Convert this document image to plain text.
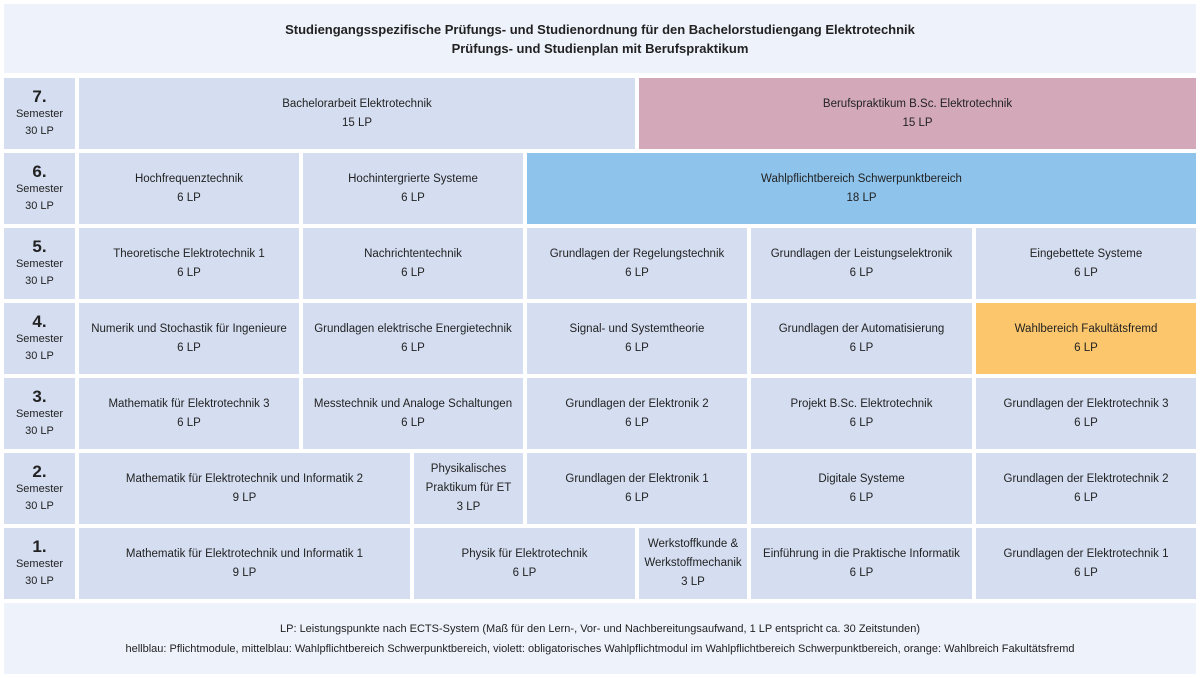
Studiengangsspezifische Prüfungs- und Studienordnung für den Bachelorstudiengang Elektrotechnik
Prüfungs- und Studienplan mit Berufspraktikum
7.
Semester
30 LP
Bachelorarbeit Elektrotechnik
15 LP
Berufspraktikum B.Sc. Elektrotechnik
15 LP
6.
Semester
30 LP
Hochfrequenztechnik
6 LP
Hochintergrierte Systeme
6 LP
Wahlpflichtbereich Schwerpunktbereich
18 LP
5.
Semester
30 LP
Theoretische Elektrotechnik 1
6 LP
Nachrichtentechnik
6 LP
Grundlagen der Regelungstechnik
6 LP
Grundlagen der Leistungselektronik
6 LP
Eingebettete Systeme
6 LP
4.
Semester
30 LP
Numerik und Stochastik für Ingenieure
6 LP
Grundlagen elektrische Energietechnik
6 LP
Signal- und Systemtheorie
6 LP
Grundlagen der Automatisierung
6 LP
Wahlbereich Fakultätsfremd
6 LP
3.
Semester
30 LP
Mathematik für Elektrotechnik 3
6 LP
Messtechnik und Analoge Schaltungen
6 LP
Grundlagen der Elektronik 2
6 LP
Projekt B.Sc. Elektrotechnik
6 LP
Grundlagen der Elektrotechnik 3
6 LP
2.
Semester
30 LP
Mathematik für Elektrotechnik und Informatik 2
9 LP
Physikalisches
Praktikum für ET
3 LP
Grundlagen der Elektronik 1
6 LP
Digitale Systeme
6 LP
Grundlagen der Elektrotechnik 2
6 LP
1.
Semester
30 LP
Mathematik für Elektrotechnik und Informatik 1
9 LP
Physik für Elektrotechnik
6 LP
Werkstoffkunde &
Werkstoffmechanik
3 LP
Einführung in die Praktische Informatik
6 LP
Grundlagen der Elektrotechnik 1
6 LP
LP: Leistungspunkte nach ECTS-System (Maß für den Lern-, Vor- und Nachbereitungsaufwand, 1 LP entspricht ca. 30 Zeitstunden)
hellblau: Pflichtmodule, mittelblau: Wahlpflichtbereich Schwerpunktbereich, violett: obligatorisches Wahlpflichtmodul im Wahlpflichtbereich Schwerpunktbereich, orange: Wahlbreich Fakultätsfremd
